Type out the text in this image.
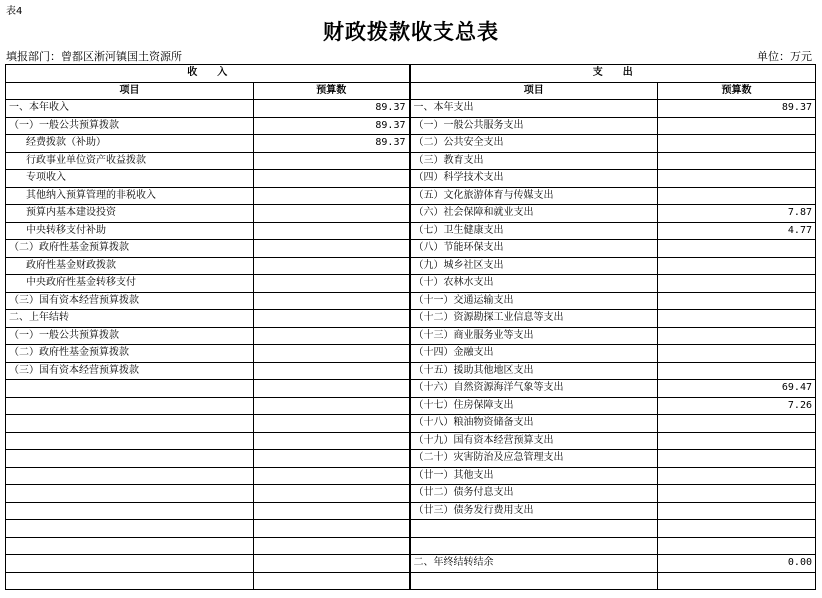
表4
财政拨款收支总表
填报部门：曾都区淅河镇国土资源所	单位：万元
收　　入		支　　出	
项目	预算数	项目	预算数
一、本年收入	89.37	一、本年支出	89.37
（一）一般公共预算拨款	89.37	（一）一般公共服务支出	
经费拨款（补助）	89.37	（二）公共安全支出	
行政事业单位资产收益拨款		（三）教育支出	
专项收入		（四）科学技术支出	
其他纳入预算管理的非税收入		（五）文化旅游体育与传媒支出	
预算内基本建设投资		（六）社会保障和就业支出	7.87
中央转移支付补助		（七）卫生健康支出	4.77
（二）政府性基金预算拨款		（八）节能环保支出	
政府性基金财政拨款		（九）城乡社区支出	
中央政府性基金转移支付		（十）农林水支出	
（三）国有资本经营预算拨款		（十一）交通运输支出	
二、上年结转		（十二）资源勘探工业信息等支出	
（一）一般公共预算拨款		（十三）商业服务业等支出	
（二）政府性基金预算拨款		（十四）金融支出	
（三）国有资本经营预算拨款		（十五）援助其他地区支出	
		（十六）自然资源海洋气象等支出	69.47
		（十七）住房保障支出	7.26
		（十八）粮油物资储备支出	
		（十九）国有资本经营预算支出	
		（二十）灾害防治及应急管理支出	
		（廿一）其他支出	
		（廿二）债务付息支出	
		（廿三）债务发行费用支出	

		二、年终结转结余	0.00
